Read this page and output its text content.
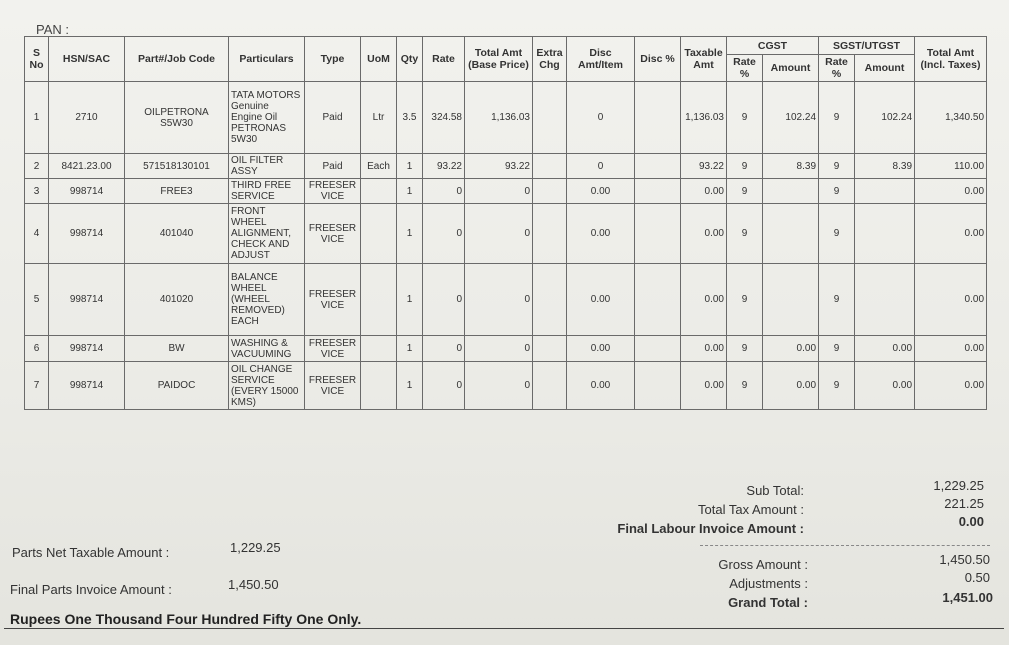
PAN :
S No	HSN/SAC	Part#/Job Code	Particulars	Type	UoM	Qty	Rate	Total Amt (Base Price)	Extra Chg	Disc Amt/Item	Disc %	Taxable Amt	CGST		SGST/UTGST		Total Amt (Incl. Taxes)
													Rate %	Amount	Rate %	Amount	
1	2710	OILPETRONA S5W30	TATA MOTORS Genuine Engine Oil PETRONAS 5W30	Paid	Ltr	3.5	324.58	1,136.03		0		1,136.03	9	102.24	9	102.24	1,340.50
2	8421.23.00	571518130101	OIL FILTER ASSY	Paid	Each	1	93.22	93.22		0		93.22	9	8.39	9	8.39	110.00
3	998714	FREE3	THIRD FREE SERVICE	FREESER VICE		1	0	0		0.00		0.00	9		9		0.00
4	998714	401040	FRONT WHEEL ALIGNMENT, CHECK AND ADJUST	FREESER VICE		1	0	0		0.00		0.00	9		9		0.00
5	998714	401020	BALANCE WHEEL (WHEEL REMOVED) EACH	FREESER VICE		1	0	0		0.00		0.00	9		9		0.00
6	998714	BW	WASHING & VACUUMING	FREESER VICE		1	0	0		0.00		0.00	9	0.00	9	0.00	0.00
7	998714	PAIDOC	OIL CHANGE SERVICE (EVERY 15000 KMS)	FREESER VICE		1	0	0		0.00		0.00	9	0.00	9	0.00	0.00
Sub Total:	1,229.25
Total Tax Amount :	221.25
Final Labour Invoice Amount :	0.00
Gross Amount :	1,450.50
Adjustments :	0.50
Grand Total :	1,451.00
Parts Net Taxable Amount :	1,229.25
Final Parts Invoice Amount :	1,450.50
Rupees One Thousand Four Hundred Fifty One Only.
